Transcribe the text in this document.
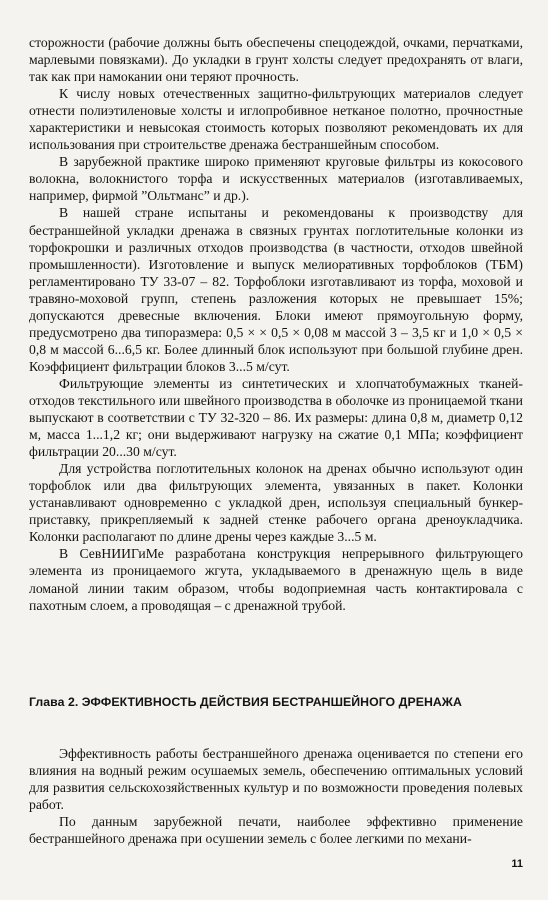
сторожности (рабочие должны быть обеспечены спецодеждой, очками, перчатками, марлевыми повязками). До укладки в грунт холсты следует предохранять от влаги, так как при намокании они теряют прочность.

К числу новых отечественных защитно-фильтрующих материалов следует отнести полиэтиленовые холсты и иглопробивное нетканое полотно, прочностные характеристики и невысокая стоимость которых позволяют рекомендовать их для использования при строительстве дренажа бестраншейным способом.

В зарубежной практике широко применяют круговые фильтры из кокосового волокна, волокнистого торфа и искусственных материалов (изготавливаемых, например, фирмой ”Ольтманс” и др.).

В нашей стране испытаны и рекомендованы к производству для бестраншейной укладки дренажа в связных грунтах поглотительные колонки из торфокрошки и различных отходов производства (в частности, отходов швейной промышленности). Изготовление и выпуск мелиоративных торфоблоков (ТБМ) регламентировано ТУ 33-07 – 82. Торфоблоки изготавливают из торфа, моховой и травяно-моховой групп, степень разложения которых не превышает 15%; допускаются древесные включения. Блоки имеют прямоугольную форму, предусмотрено два типоразмера: 0,5 × × 0,5 × 0,08 м массой 3 – 3,5 кг и 1,0 × 0,5 × 0,8 м массой 6...6,5 кг. Более длинный блок используют при большой глубине дрен. Коэффициент фильтрации блоков 3...5 м/сут.

Фильтрующие элементы из синтетических и хлопчатобумажных тканей-отходов текстильного или швейного производства в оболочке из проницаемой ткани выпускают в соответствии с ТУ 32-320 – 86. Их размеры: длина 0,8 м, диаметр 0,12 м, масса 1...1,2 кг; они выдерживают нагрузку на сжатие 0,1 МПа; коэффициент фильтрации 20...30 м/сут.

Для устройства поглотительных колонок на дренах обычно используют один торфоблок или два фильтрующих элемента, увязанных в пакет. Колонки устанавливают одновременно с укладкой дрен, используя специальный бункер-приставку, прикрепляемый к задней стенке рабочего органа дреноукладчика. Колонки располагают по длине дрены через каждые 3...5 м.

В СевНИИГиМе разработана конструкция непрерывного фильтрующего элемента из проницаемого жгута, укладываемого в дренажную щель в виде ломаной линии таким образом, чтобы водоприемная часть контактировала с пахотным слоем, а проводящая – с дренажной трубой.

Глава 2. ЭФФЕКТИВНОСТЬ ДЕЙСТВИЯ БЕСТРАНШЕЙНОГО ДРЕНАЖА

Эффективность работы бестраншейного дренажа оценивается по степени его влияния на водный режим осушаемых земель, обеспечению оптимальных условий для развития сельскохозяйственных культур и по возможности проведения полевых работ.

По данным зарубежной печати, наиболее эффективно применение бестраншейного дренажа при осушении земель с более легкими по механи-

11
